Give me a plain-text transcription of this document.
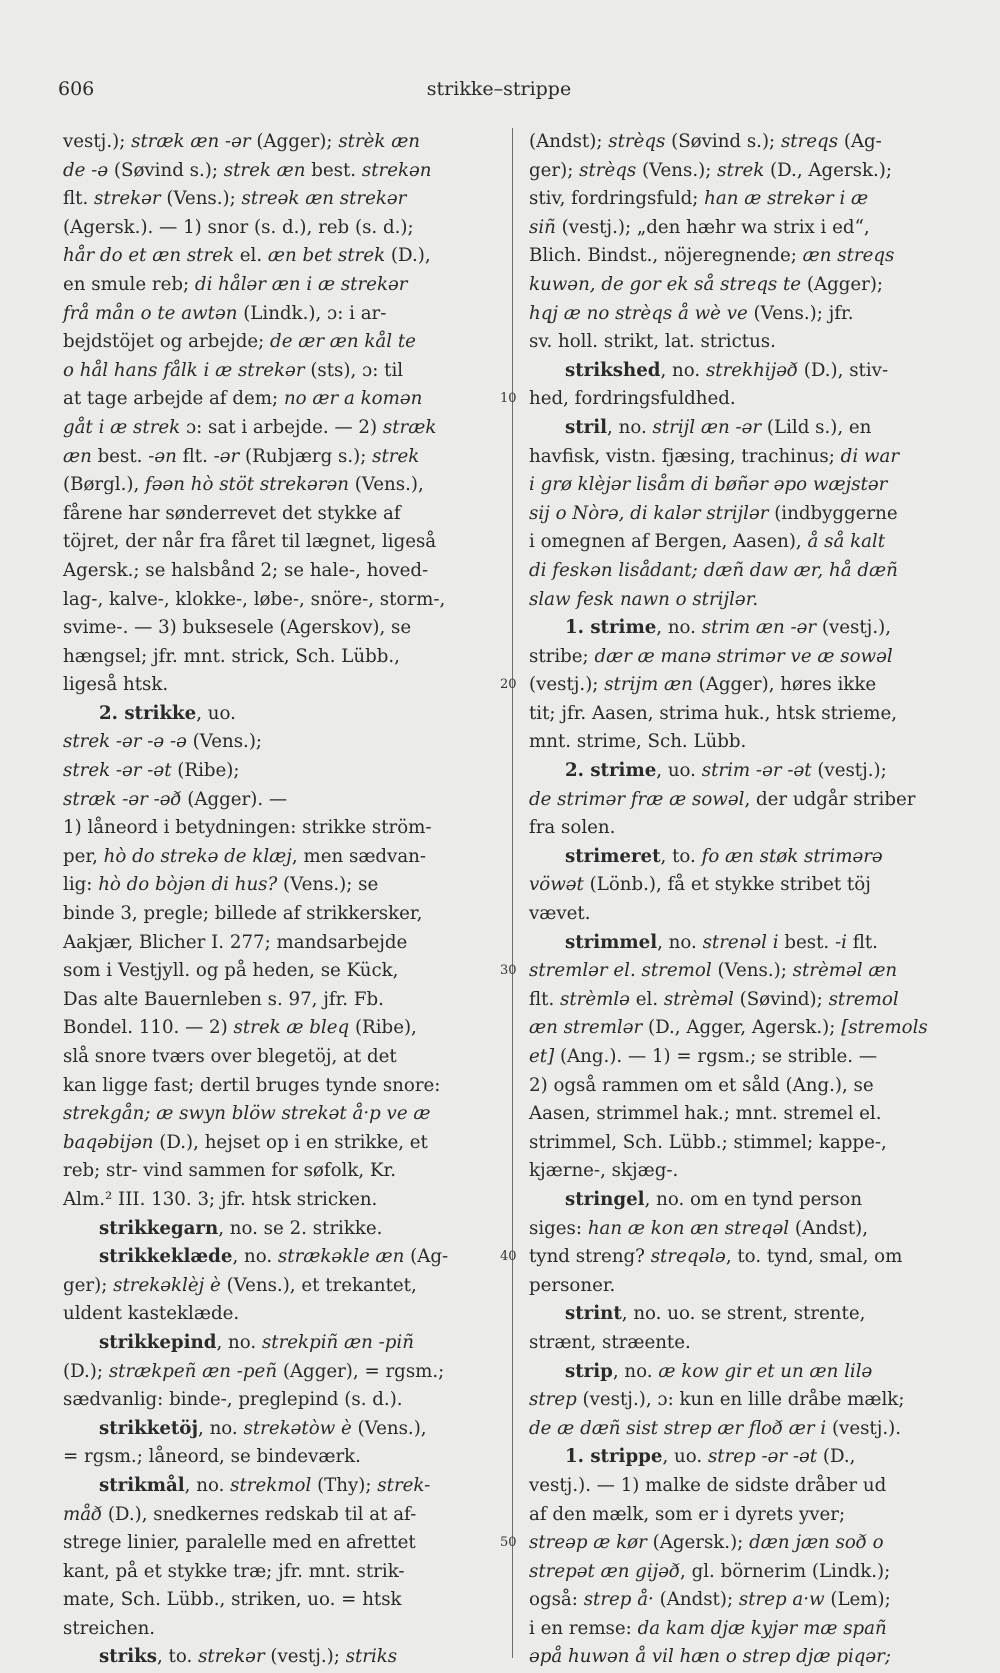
606	strikke–strippe
vestj.); stræk æn -ər (Agger); strèk æn
de -ə (Søvind s.); strek æn best. strekən
flt. strekər (Vens.); streək æn strekər
(Agersk.). — 1) snor (s. d.), reb (s. d.);
hår do et æn strek el. æn bet strek (D.),
en smule reb; di hålər æn i æ strekər
frå mån o te awtən (Lindk.), ɔ: i ar-
bejdstöjet og arbejde; de ær æn kål te
o hål hans fålk i æ strekər (sts), ɔ: til
at tage arbejde af dem; no ær a komən
gåt i æ strek ɔ: sat i arbejde. — 2) stræk
æn best. -ən flt. -ər (Rubjærg s.); strek
(Børgl.), fəən hò stöt strekərən (Vens.),
fårene har sønderrevet det stykke af
töjret, der når fra fåret til lægnet, ligeså
Agersk.; se halsbånd 2; se hale-, hoved-
lag-, kalve-, klokke-, løbe-, snöre-, storm-,
svime-. — 3) buksesele (Agerskov), se
hængsel; jfr. mnt. strick, Sch. Lübb.,
ligeså htsk.
2. strikke, uo.
strek -ər -ə -ə (Vens.);
strek -ər -ət (Ribe);
stræk -ər -əð (Agger). —
1) låneord i betydningen: strikke ström-
per, hò do strekə de klæj, men sædvan-
lig: hò do bòjən di hus? (Vens.); se
binde 3, pregle; billede af strikkersker,
Aakjær, Blicher I. 277; mandsarbejde
som i Vestjyll. og på heden, se Kück,
Das alte Bauernleben s. 97, jfr. Fb.
Bondel. 110. — 2) strek æ bleq (Ribe),
slå snore tværs over blegetöj, at det
kan ligge fast; dertil bruges tynde snore:
strekgån; æ swyn blöw strekət å·p ve æ
baqəbijən (D.), hejset op i en strikke, et
reb; str- vind sammen for søfolk, Kr.
Alm.² III. 130. 3; jfr. htsk stricken.
strikkegarn, no. se 2. strikke.
strikkeklæde, no. strækəkle æn (Ag-
ger); strekəklèj è (Vens.), et trekantet,
uldent kasteklæde.
strikkepind, no. strekpiñ æn -piñ
(D.); strækpeñ æn -peñ (Agger), = rgsm.;
sædvanlig: binde-, preglepind (s. d.).
strikketöj, no. strekətòw è (Vens.),
= rgsm.; låneord, se bindeværk.
strikmål, no. strekmol (Thy); strek-
måð (D.), snedkernes redskab til at af-
strege linier, paralelle med en afrettet
kant, på et stykke træ; jfr. mnt. strik-
mate, Sch. Lübb., striken, uo. = htsk
streichen.
striks, to. strekər (vestj.); striks
10
20
30
40
50
(Andst); strèqs (Søvind s.); streqs (Ag-
ger); strèqs (Vens.); strek (D., Agersk.);
stiv, fordringsfuld; han æ strekər i æ
siñ (vestj.); „den hæhr wa strix i ed“,
Blich. Bindst., nöjeregnende; æn streqs
kuwən, de gor ek så streqs te (Agger);
hqj æ no strèqs å wè ve (Vens.); jfr.
sv. holl. strikt, lat. strictus.
strikshed, no. strekhijəð (D.), stiv-
hed, fordringsfuldhed.
stril, no. strijl æn -ər (Lild s.), en
havfisk, vistn. fjæsing, trachinus; di war
i grø klèjər lisåm di bøñər əpo wæjstər
sij o Nòrə, di kalər strijlər (indbyggerne
i omegnen af Bergen, Aasen), å så kalt
di feskən lisådant; dæñ daw ær, hå dæñ
slaw fesk nawn o strijlər.
1. strime, no. strim æn -ər (vestj.),
stribe; dær æ manə strimər ve æ sowəl
(vestj.); strijm æn (Agger), høres ikke
tit; jfr. Aasen, strima huk., htsk strieme,
mnt. strime, Sch. Lübb.
2. strime, uo. strim -ər -ət (vestj.);
de strimər fræ æ sowəl, der udgår striber
fra solen.
strimeret, to. fo æn støk strimərə
vöwət (Lönb.), få et stykke stribet töj
vævet.
strimmel, no. strenəl i best. -i flt.
stremlər el. stremol (Vens.); strèməl æn
flt. strèmlə el. strèməl (Søvind); stremol
æn stremlər (D., Agger, Agersk.); [stremols
et] (Ang.). — 1) = rgsm.; se strible. —
2) også rammen om et såld (Ang.), se
Aasen, strimmel hak.; mnt. stremel el.
strimmel, Sch. Lübb.; stimmel; kappe-,
kjærne-, skjæg-.
stringel, no. om en tynd person
siges: han æ kon æn streqəl (Andst),
tynd streng? streqələ, to. tynd, smal, om
personer.
strint, no. uo. se strent, strente,
strænt, stræente.
strip, no. æ kow gir et un æn lilə
strep (vestj.), ɔ: kun en lille dråbe mælk;
de æ dæñ sist strep ær floð ær i (vestj.).
1. strippe, uo. strep -ər -ət (D.,
vestj.). — 1) malke de sidste dråber ud
af den mælk, som er i dyrets yver;
streəp æ kør (Agersk.); dæn jæn soð o
strepət æn gijəð, gl. börnerim (Lindk.);
også: strep å· (Andst); strep a·w (Lem);
i en remse: da kam djæ kyjər mæ spañ
əpå huwən å vil hæn o strep djæ piqər;
